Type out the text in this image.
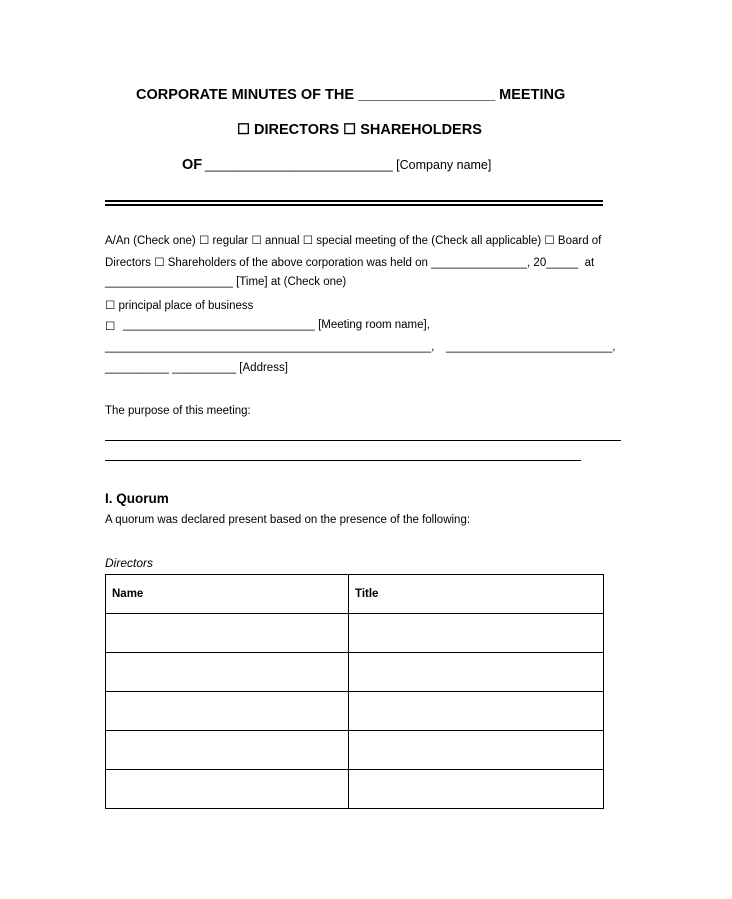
CORPORATE MINUTES OF THE _________________ MEETING
☐ DIRECTORS ☐ SHAREHOLDERS
OF ___________________________ [Company name]
A/An (Check one) ☐ regular ☐ annual ☐ special meeting of the (Check all applicable) ☐ Board of
Directors ☐ Shareholders of the above corporation was held on _______________, 20_____  at
____________________ [Time] at (Check one)
☐ principal place of business
☐ ______________________________ [Meeting room name],
___________________________________________________, __________________________,
__________ __________ [Address]
The purpose of this meeting:
I. Quorum
A quorum was declared present based on the presence of the following:
Directors
Name	Title
